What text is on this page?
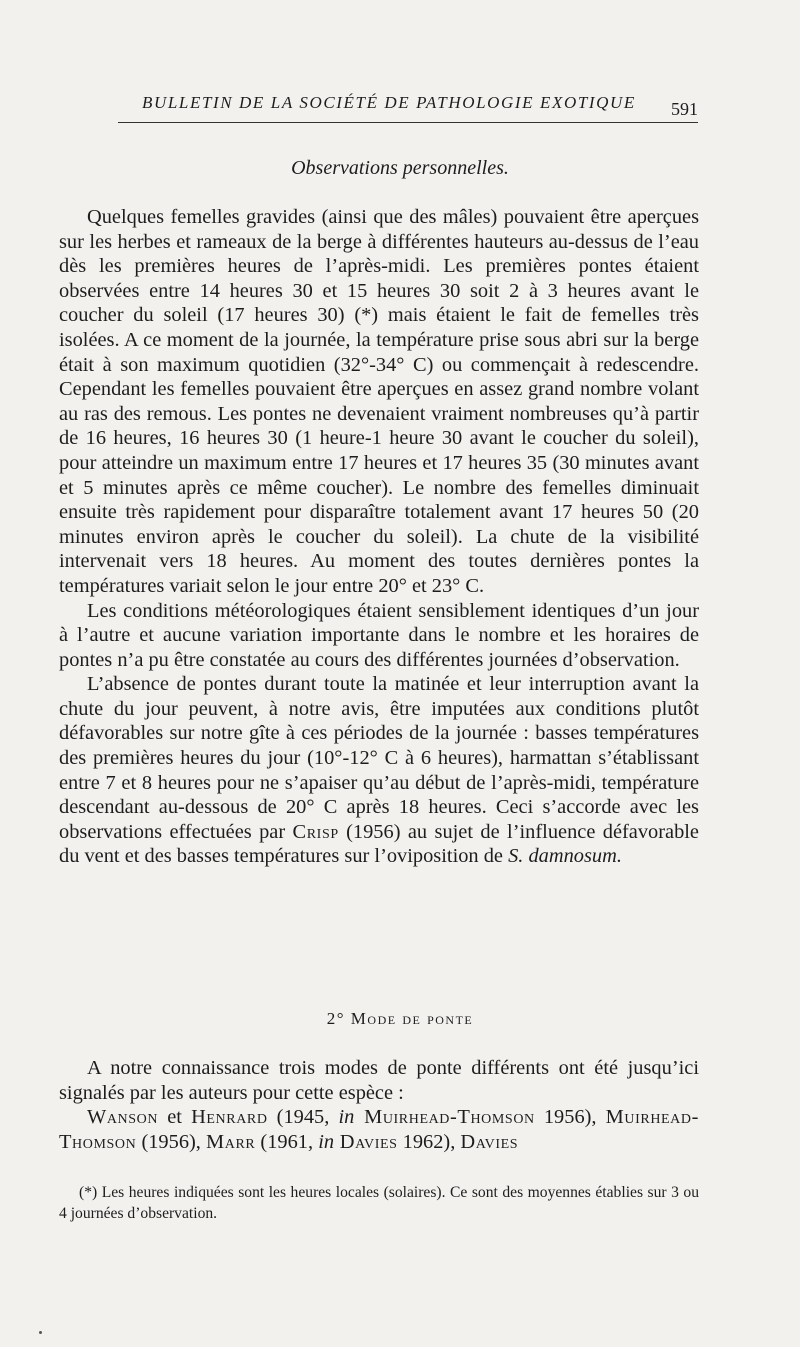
BULLETIN DE LA SOCIÉTÉ DE PATHOLOGIE EXOTIQUE 591
Observations personnelles.

Quelques femelles gravides (ainsi que des mâles) pouvaient être aperçues sur les herbes et rameaux de la berge à différentes hauteurs au-dessus de l’eau dès les premières heures de l’après-midi. Les premières pontes étaient observées entre 14 heures 30 et 15 heures 30 soit 2 à 3 heures avant le coucher du soleil (17 heures 30) (*) mais étaient le fait de femelles très isolées. A ce moment de la journée, la température prise sous abri sur la berge était à son maximum quotidien (32°-34° C) ou commençait à redescendre. Cependant les femelles pouvaient être aperçues en assez grand nombre volant au ras des remous. Les pontes ne devenaient vraiment nombreuses qu’à partir de 16 heures, 16 heures 30 (1 heure-1 heure 30 avant le coucher du soleil), pour atteindre un maximum entre 17 heures et 17 heures 35 (30 minutes avant et 5 minutes après ce même coucher). Le nombre des femelles diminuait ensuite très rapidement pour disparaître totalement avant 17 heures 50 (20 minutes environ après le coucher du soleil). La chute de la visibilité intervenait vers 18 heures. Au moment des toutes dernières pontes la températures variait selon le jour entre 20° et 23° C.

Les conditions météorologiques étaient sensiblement identiques d’un jour à l’autre et aucune variation importante dans le nombre et les horaires de pontes n’a pu être constatée au cours des différentes journées d’observation.

L’absence de pontes durant toute la matinée et leur interruption avant la chute du jour peuvent, à notre avis, être imputées aux conditions plutôt défavorables sur notre gîte à ces périodes de la journée : basses températures des premières heures du jour (10°-12° C à 6 heures), harmattan s’établissant entre 7 et 8 heures pour ne s’apaiser qu’au début de l’après-midi, température descendant au-dessous de 20° C après 18 heures. Ceci s’accorde avec les observations effectuées par Crisp (1956) au sujet de l’influence défavorable du vent et des basses températures sur l’oviposition de S. damnosum.

2° Mode de ponte

A notre connaissance trois modes de ponte différents ont été jusqu’ici signalés par les auteurs pour cette espèce :

Wanson et Henrard (1945, in Muirhead-Thomson 1956), Muirhead-Thomson (1956), Marr (1961, in Davies 1962), Davies

(*) Les heures indiquées sont les heures locales (solaires). Ce sont des moyennes établies sur 3 ou 4 journées d’observation.
